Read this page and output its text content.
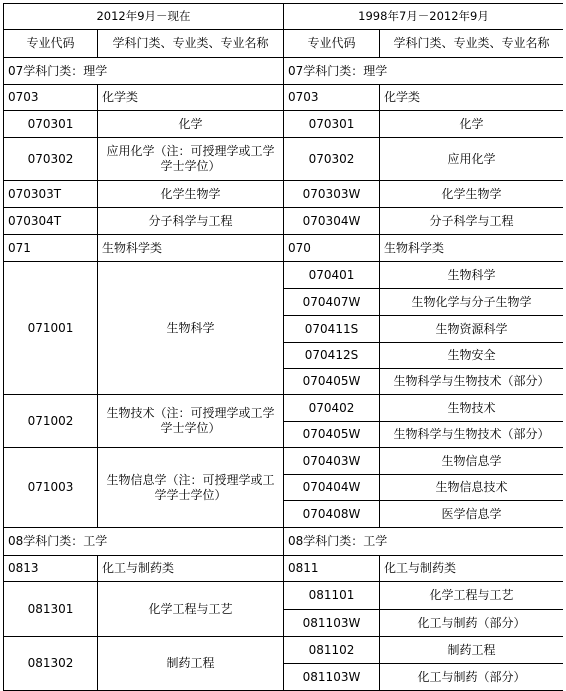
2012年9月－现在	
专业代码	学科门类、专业类、专业名称
07学科门类：理学	
0703	化学类
070301	化学
070302	应用化学（注：可授理学或工学学士学位）
070303T	化学生物学
070304T	分子科学与工程
071	生物科学类
071001	生物科学
071002	生物技术（注：可授理学或工学学士学位）
071003	生物信息学（注：可授理学或工学学士学位）
08学科门类：工学	
0813	化工与制药类
081301	化学工程与工艺
081302	制药工程
1998年7月－2012年9月	
专业代码	学科门类、专业类、专业名称
07学科门类：理学	
0703	化学类
070301	化学
070302	应用化学
070303W	化学生物学
070304W	分子科学与工程
070	生物科学类
070401	生物科学
070407W	生物化学与分子生物学
070411S	生物资源科学
070412S	生物安全
070405W	生物科学与生物技术（部分）
070402	生物技术
070405W	生物科学与生物技术（部分）
070403W	生物信息学
070404W	生物信息技术
070408W	医学信息学
08学科门类：工学	
0811	化工与制药类
081101	化学工程与工艺
081103W	化工与制药（部分）
081102	制药工程
081103W	化工与制药（部分）
